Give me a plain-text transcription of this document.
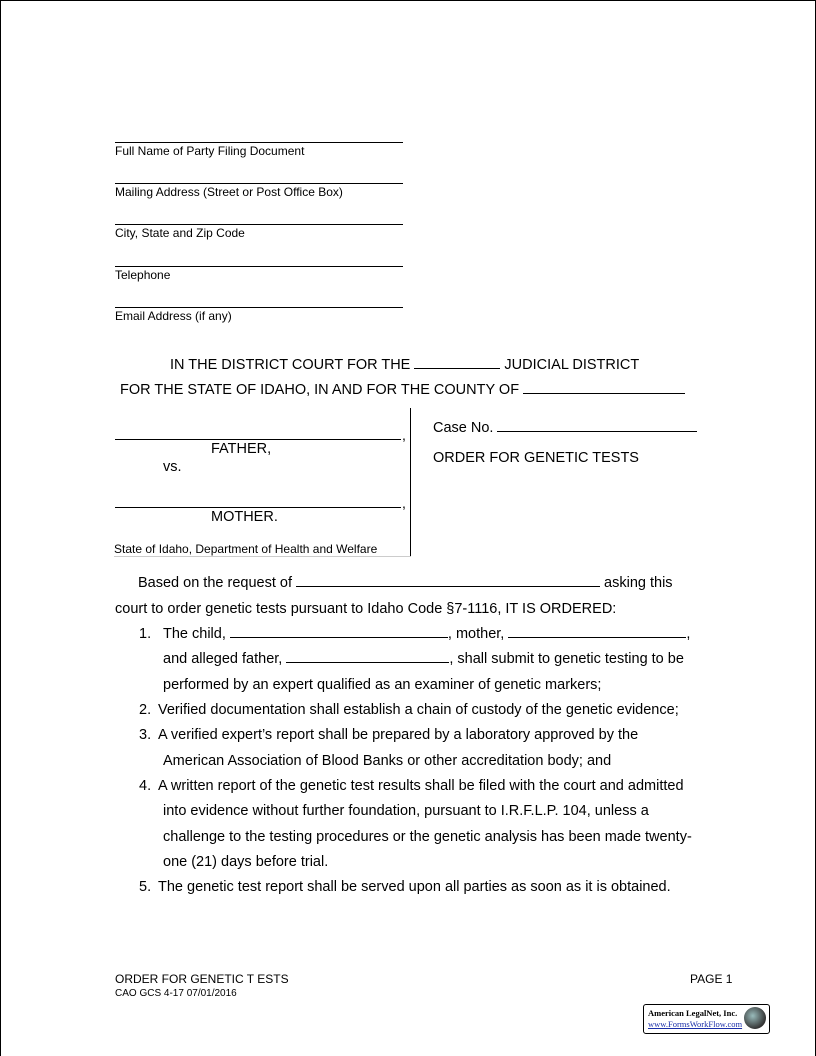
Full Name of Party Filing Document
Mailing Address (Street or Post Office Box)
City, State and Zip Code
Telephone
Email Address (if any)
IN THE DISTRICT COURT FOR THE	JUDICIAL DISTRICT
FOR THE STATE OF IDAHO, IN AND FOR THE COUNTY OF
,
FATHER,
vs.
,
MOTHER.
State of Idaho, Department of Health and Welfare
Case No.
ORDER FOR GENETIC TESTS
Based on the request of	asking this
court to order genetic tests pursuant to Idaho Code §7-1116, IT IS ORDERED:
1. The child,	, mother,	,
and alleged father,	, shall submit to genetic testing to be
performed by an expert qualified as an examiner of genetic markers;
2. Verified documentation shall establish a chain of custody of the genetic evidence;
3. A verified expert’s report shall be prepared by a laboratory approved by the
American Association of Blood Banks or other accreditation body; and
4. A written report of the genetic test results shall be filed with the court and admitted
into evidence without further foundation, pursuant to I.R.F.L.P. 104, unless a
challenge to the testing procedures or the genetic analysis has been made twenty-
one (21) days before trial.
5. The genetic test report shall be served upon all parties as soon as it is obtained.
ORDER FOR GENETIC T ESTS
CAO GCS 4-17 07/01/2016
PAGE 1
American LegalNet, Inc.
www.FormsWorkFlow.com
